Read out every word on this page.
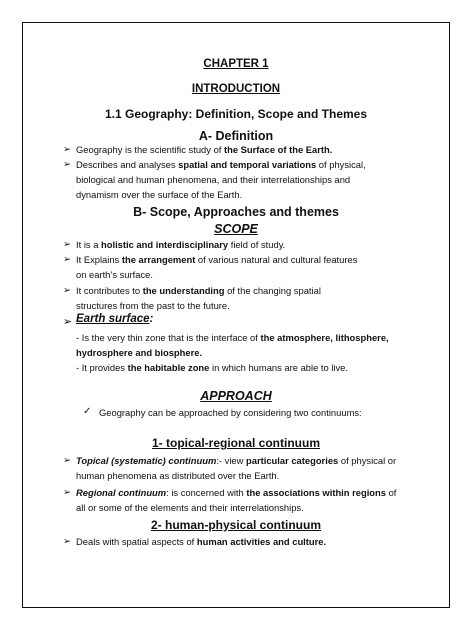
CHAPTER 1

INTRODUCTION

1.1 Geography: Definition, Scope and Themes

A- Definition

➢ Geography is the scientific study of the Surface of the Earth.

➢ Describes and analyses spatial and temporal variations of physical,

biological and human phenomena, and their interrelationships and

dynamism over the surface of the Earth.

B- Scope, Approaches and themes

SCOPE

➢ It is a holistic and interdisciplinary field of study.

➢ It Explains the arrangement of various natural and cultural features

on earth’s surface.

➢ It contributes to the understanding of the changing spatial

structures from the past to the future.

➢ Earth surface:

- Is the very thin zone that is the interface of the atmosphere, lithosphere,

hydrosphere and biosphere.

- It provides the habitable zone in which humans are able to live.

APPROACH

✓ Geography can be approached by considering two continuums:

1- topical-regional continuum

➢ Topical (systematic) continuum:- view particular categories of physical or

human phenomena as distributed over the Earth.

➢ Regional continuum: is concerned with the associations within regions of

all or some of the elements and their interrelationships.

2- human-physical continuum

➢ Deals with spatial aspects of human activities and culture.
